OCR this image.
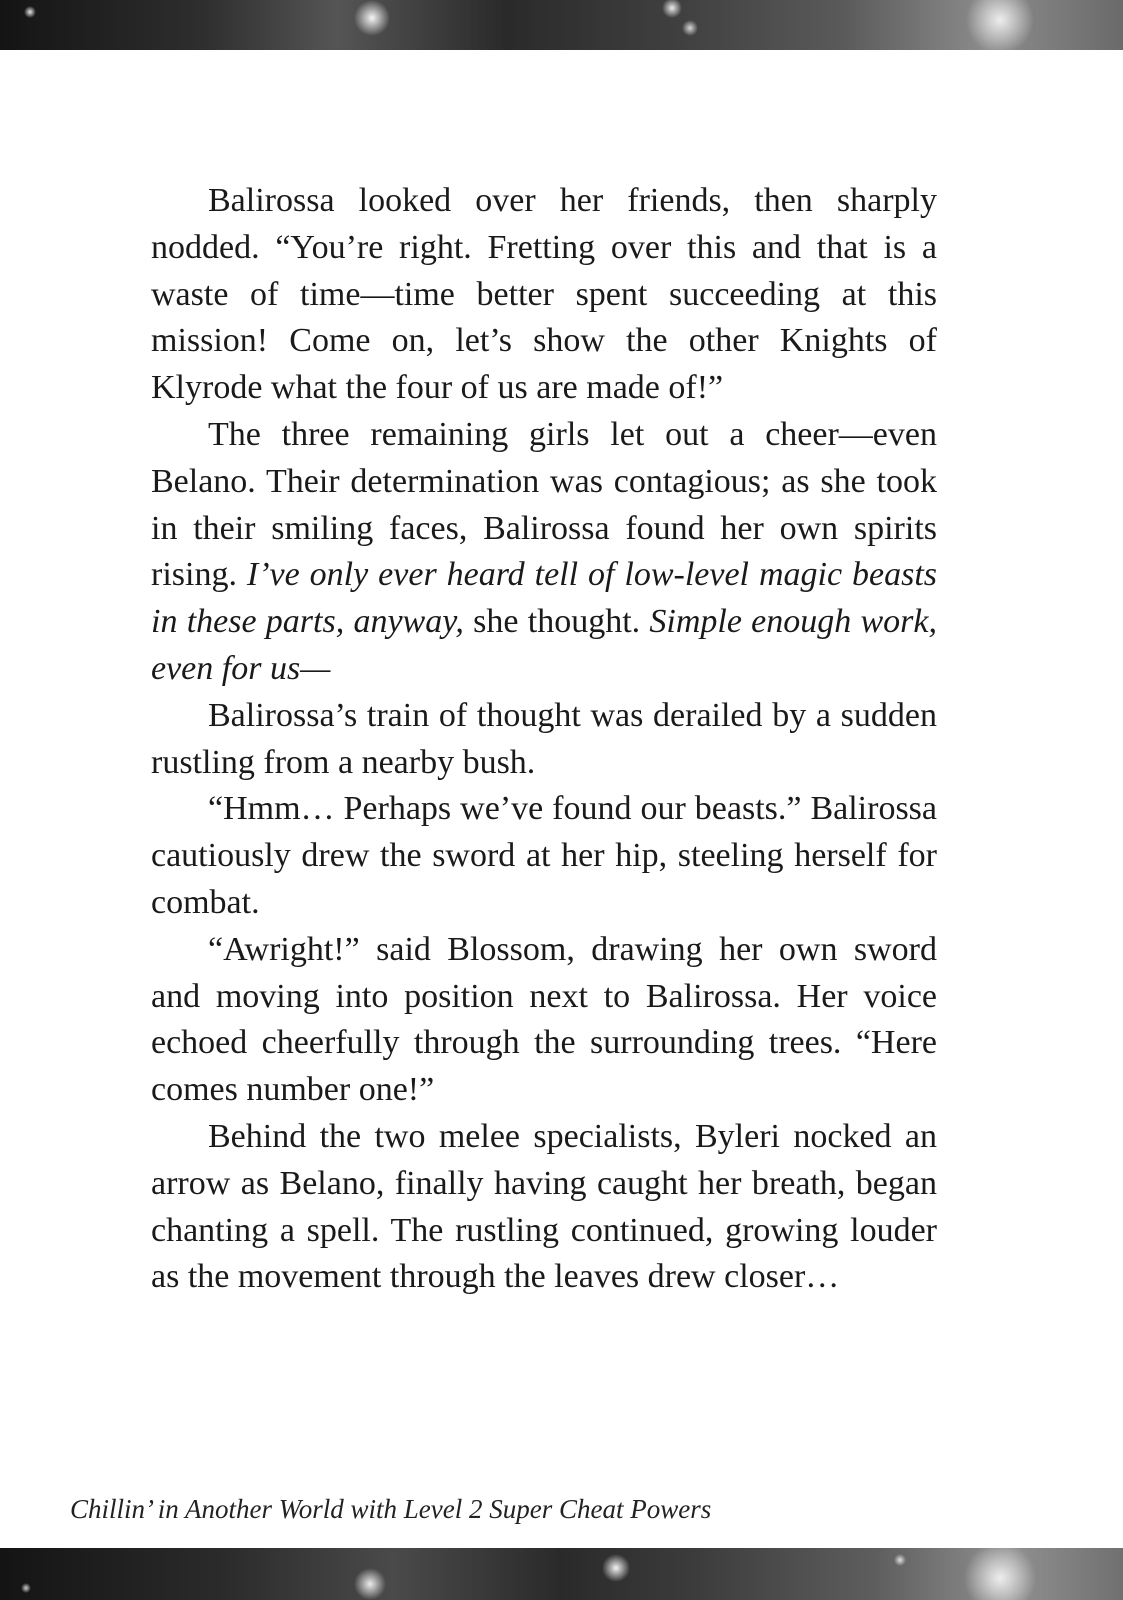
Balirossa looked over her friends, then sharply nodded. “You’re right. Fretting over this and that is a waste of time—time better spent succeeding at this mission! Come on, let’s show the other Knights of Klyrode what the four of us are made of!”

The three remaining girls let out a cheer—even Belano. Their determination was contagious; as she took in their smiling faces, Balirossa found her own spirits rising. I’ve only ever heard tell of low-level magic beasts in these parts, anyway, she thought. Simple enough work, even for us—

Balirossa’s train of thought was derailed by a sudden rustling from a nearby bush.

“Hmm… Perhaps we’ve found our beasts.” Balirossa cautiously drew the sword at her hip, steeling herself for combat.

“Awright!” said Blossom, drawing her own sword and moving into position next to Balirossa. Her voice echoed cheerfully through the surrounding trees. “Here comes number one!”

Behind the two melee specialists, Byleri nocked an arrow as Belano, finally having caught her breath, began chanting a spell. The rustling continued, growing louder as the movement through the leaves drew closer…

Chillin’ in Another World with Level 2 Super Cheat Powers
